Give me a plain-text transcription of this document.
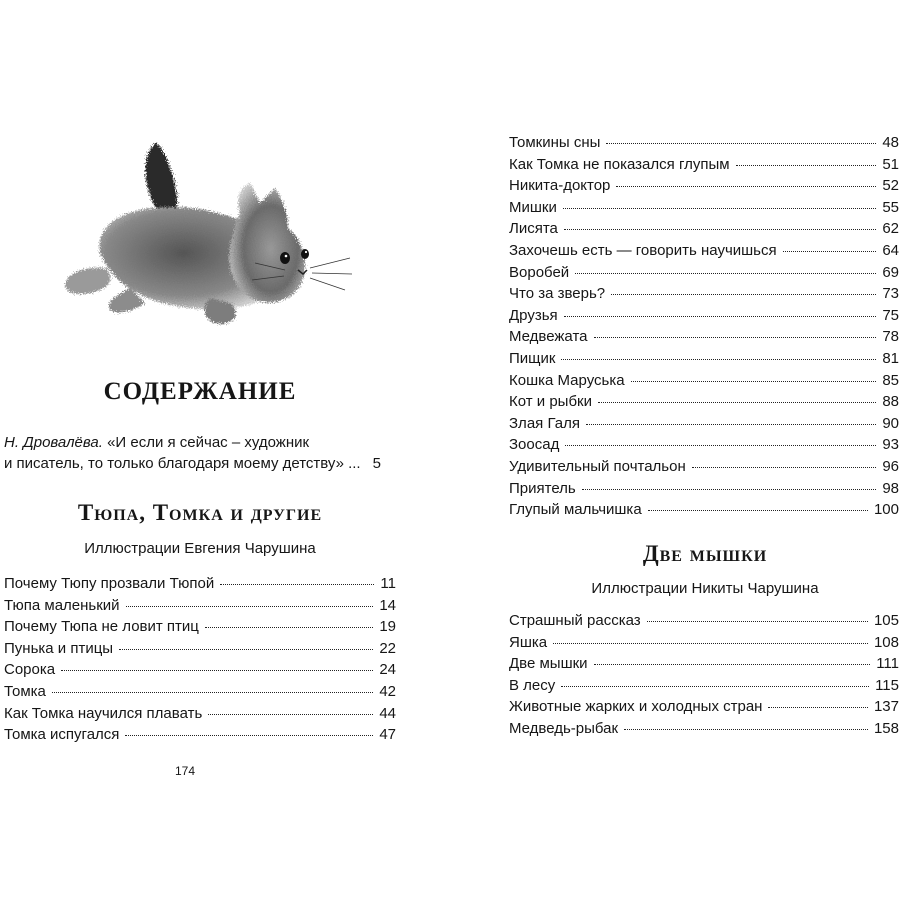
СОДЕРЖАНИЕ
Н. Дровалёва. «И если я сейчас – художник
и писатель, то только благодаря моему детству» ... 5
Тюпа, Томка и другие
Иллюстрации Евгения Чарушина
Почему Тюпу прозвали Тюпой	11
Тюпа маленький	14
Почему Тюпа не ловит птиц	19
Пунька и птицы	22
Сорока	24
Томка	42
Как Томка научился плавать	44
Томка испугался	47
174
Томкины сны	48
Как Томка не показался глупым	51
Никита-доктор	52
Мишки	55
Лисята	62
Захочешь есть — говорить научишься	64
Воробей	69
Что за зверь?	73
Друзья	75
Медвежата	78
Пищик	81
Кошка Маруська	85
Кот и рыбки	88
Злая Галя	90
Зоосад	93
Удивительный почтальон	96
Приятель	98
Глупый мальчишка	100
Две мышки
Иллюстрации Никиты Чарушина
Страшный рассказ	105
Яшка	108
Две мышки	111
В лесу	115
Животные жарких и холодных стран	137
Медведь-рыбак	158
